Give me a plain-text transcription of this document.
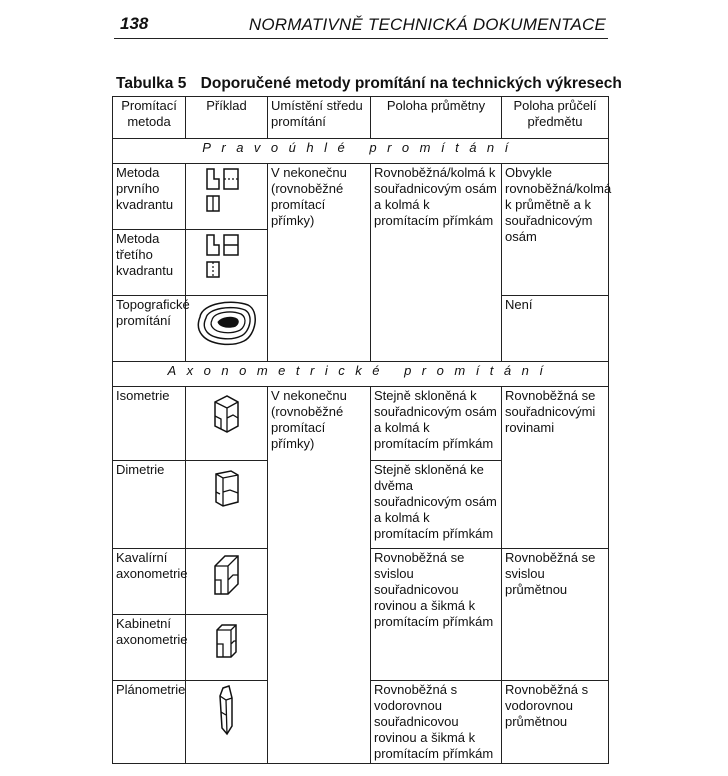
138	NORMATIVNĚ TECHNICKÁ DOKUMENTACE
Tabulka 5 Doporučené metody promítání na technických výkresech
Promítací metoda	Příklad	Umístění středu promítání	Poloha průmětny	Poloha průčelí předmětu
Pravoúhlé promítání				
Metoda prvního kvadrantu		V nekonečnu (rovnoběžné promítací přímky)	Rovnoběžná/kolmá k souřadnicovým osám a kolmá k promítacím přímkám	Obvykle rovnoběžná/kolmá k průmětně a k souřadnicovým osám
Metoda třetího kvadrantu	

Topografické promítání				Není
Axonometrické promítání				
Isometrie		V nekonečnu (rovnoběžné promítací přímky)	Stejně skloněná k souřadnicovým osám a kolmá k promítacím přímkám	Rovnoběžná se souřadnicovými rovinami
Dimetrie			Stejně skloněná ke dvěma souřadnicovým osám a kolmá k promítacím přímkám	
Kavalírní axonometrie			Rovnoběžná se svislou souřadnicovou rovinou a šikmá k promítacím přímkám	Rovnoběžná se svislou průmětnou
Kabinetní axonometrie	

Plánometrie			Rovnoběžná s vodorovnou souřadnicovou rovinou a šikmá k promítacím přímkám	Rovnoběžná s vodorovnou průmětnou
